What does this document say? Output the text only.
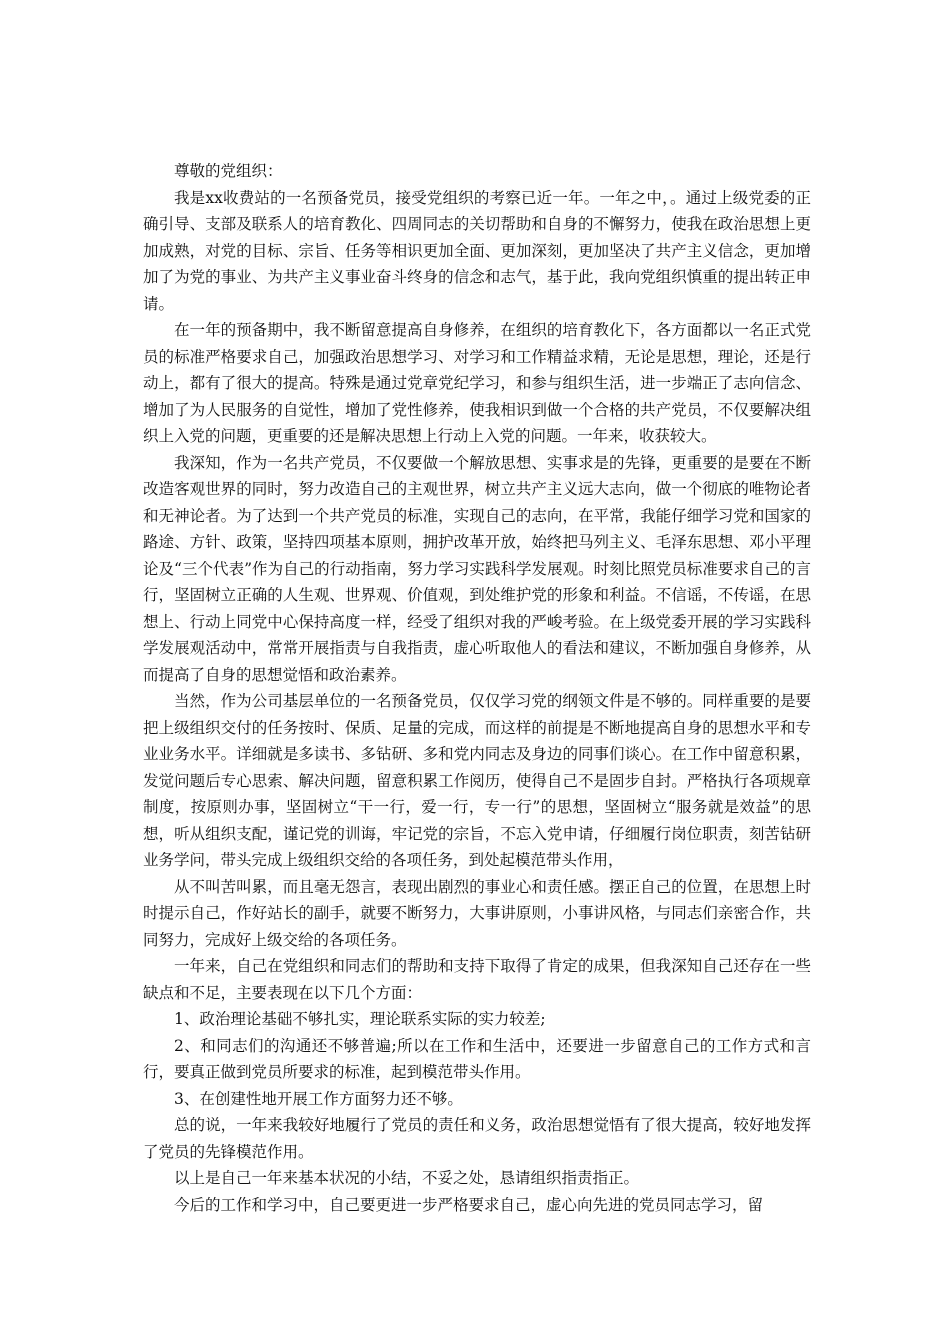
尊敬的党组织：

我是xx收费站的一名预备党员，接受党组织的考察已近一年。一年之中，。通过上级党委的正确引导、支部及联系人的培育教化、四周同志的关切帮助和自身的不懈努力，使我在政治思想上更加成熟，对党的目标、宗旨、任务等相识更加全面、更加深刻，更加坚决了共产主义信念，更加增加了为党的事业、为共产主义事业奋斗终身的信念和志气，基于此，我向党组织慎重的提出转正申请。

在一年的预备期中，我不断留意提高自身修养，在组织的培育教化下，各方面都以一名正式党员的标准严格要求自己，加强政治思想学习、对学习和工作精益求精，无论是思想，理论，还是行动上，都有了很大的提高。特殊是通过党章党纪学习，和参与组织生活，进一步端正了志向信念、增加了为人民服务的自觉性，增加了党性修养，使我相识到做一个合格的共产党员，不仅要解决组织上入党的问题，更重要的还是解决思想上行动上入党的问题。一年来，收获较大。

我深知，作为一名共产党员，不仅要做一个解放思想、实事求是的先锋，更重要的是要在不断改造客观世界的同时，努力改造自己的主观世界，树立共产主义远大志向，做一个彻底的唯物论者和无神论者。为了达到一个共产党员的标准，实现自己的志向，在平常，我能仔细学习党和国家的路途、方针、政策，坚持四项基本原则，拥护改革开放，始终把马列主义、毛泽东思想、邓小平理论及“三个代表”作为自己的行动指南，努力学习实践科学发展观。时刻比照党员标准要求自己的言行，坚固树立正确的人生观、世界观、价值观，到处维护党的形象和利益。不信谣，不传谣，在思想上、行动上同党中心保持高度一样，经受了组织对我的严峻考验。在上级党委开展的学习实践科学发展观活动中，常常开展指责与自我指责，虚心听取他人的看法和建议，不断加强自身修养，从而提高了自身的思想觉悟和政治素养。

当然，作为公司基层单位的一名预备党员，仅仅学习党的纲领文件是不够的。同样重要的是要把上级组织交付的任务按时、保质、足量的完成，而这样的前提是不断地提高自身的思想水平和专业业务水平。详细就是多读书、多钻研、多和党内同志及身边的同事们谈心。在工作中留意积累，发觉问题后专心思索、解决问题，留意积累工作阅历，使得自己不是固步自封。严格执行各项规章制度，按原则办事，坚固树立“干一行，爱一行，专一行”的思想，坚固树立“服务就是效益”的思想，听从组织支配，谨记党的训诲，牢记党的宗旨，不忘入党申请，仔细履行岗位职责，刻苦钻研业务学问，带头完成上级组织交给的各项任务，到处起模范带头作用，

从不叫苦叫累，而且毫无怨言，表现出剧烈的事业心和责任感。摆正自己的位置，在思想上时时提示自己，作好站长的副手，就要不断努力，大事讲原则，小事讲风格，与同志们亲密合作，共同努力，完成好上级交给的各项任务。

一年来，自己在党组织和同志们的帮助和支持下取得了肯定的成果，但我深知自己还存在一些缺点和不足，主要表现在以下几个方面：

1、政治理论基础不够扎实，理论联系实际的实力较差;

2、和同志们的沟通还不够普遍;所以在工作和生活中，还要进一步留意自己的工作方式和言行，要真正做到党员所要求的标准，起到模范带头作用。

3、在创建性地开展工作方面努力还不够。

总的说，一年来我较好地履行了党员的责任和义务，政治思想觉悟有了很大提高，较好地发挥了党员的先锋模范作用。

以上是自己一年来基本状况的小结，不妥之处，恳请组织指责指正。

今后的工作和学习中，自己要更进一步严格要求自己，虚心向先进的党员同志学习，留
